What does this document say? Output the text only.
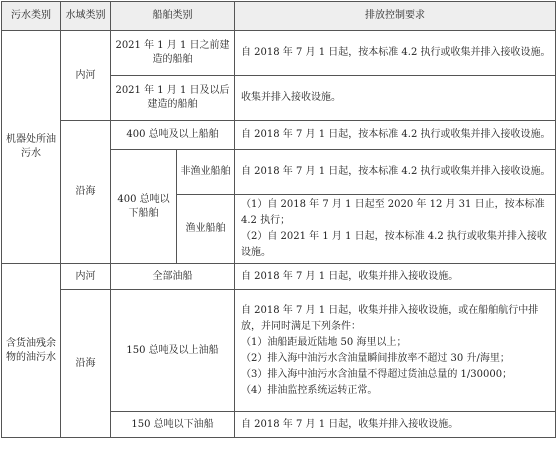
污水类别	水域类别	船舶类别		排放控制要求
机器处所油污水	内河	2021 年 1 月 1 日之前建造的船舶		自 2018 年 7 月 1 日起，按本标准 4.2 执行或收集并排入接收设施。
		2021 年 1 月 1 日及以后建造的船舶		收集并排入接收设施。
	沿海	400 总吨及以上船舶		自 2018 年 7 月 1 日起，按本标准 4.2 执行或收集并排入接收设施。
		400 总吨以下船舶	非渔业船舶	自 2018 年 7 月 1 日起，按本标准 4.2 执行或收集并排入接收设施。
			渔业船舶	（1）自 2018 年 7 月 1 日起至 2020 年 12 月 31 日止，按本标准 4.2 执行；
（2）自 2021 年 1 月 1 日起，按本标准 4.2 执行或收集并排入接收设施。

含货油残余物的油污水	内河	全部油船		自 2018 年 7 月 1 日起，收集并排入接收设施。
	沿海	150 总吨及以上油船		自 2018 年 7 月 1 日起，收集并排入接收设施，或在船舶航行中排放，并同时满足下列条件：
（1）油船距最近陆地 50 海里以上；
（2）排入海中油污水含油量瞬间排放率不超过 30 升/海里；
（3）排入海中油污水含油量不得超过货油总量的 1/30000；
（4）排油监控系统运转正常。

		150 总吨以下油船		自 2018 年 7 月 1 日起，收集并排入接收设施。
